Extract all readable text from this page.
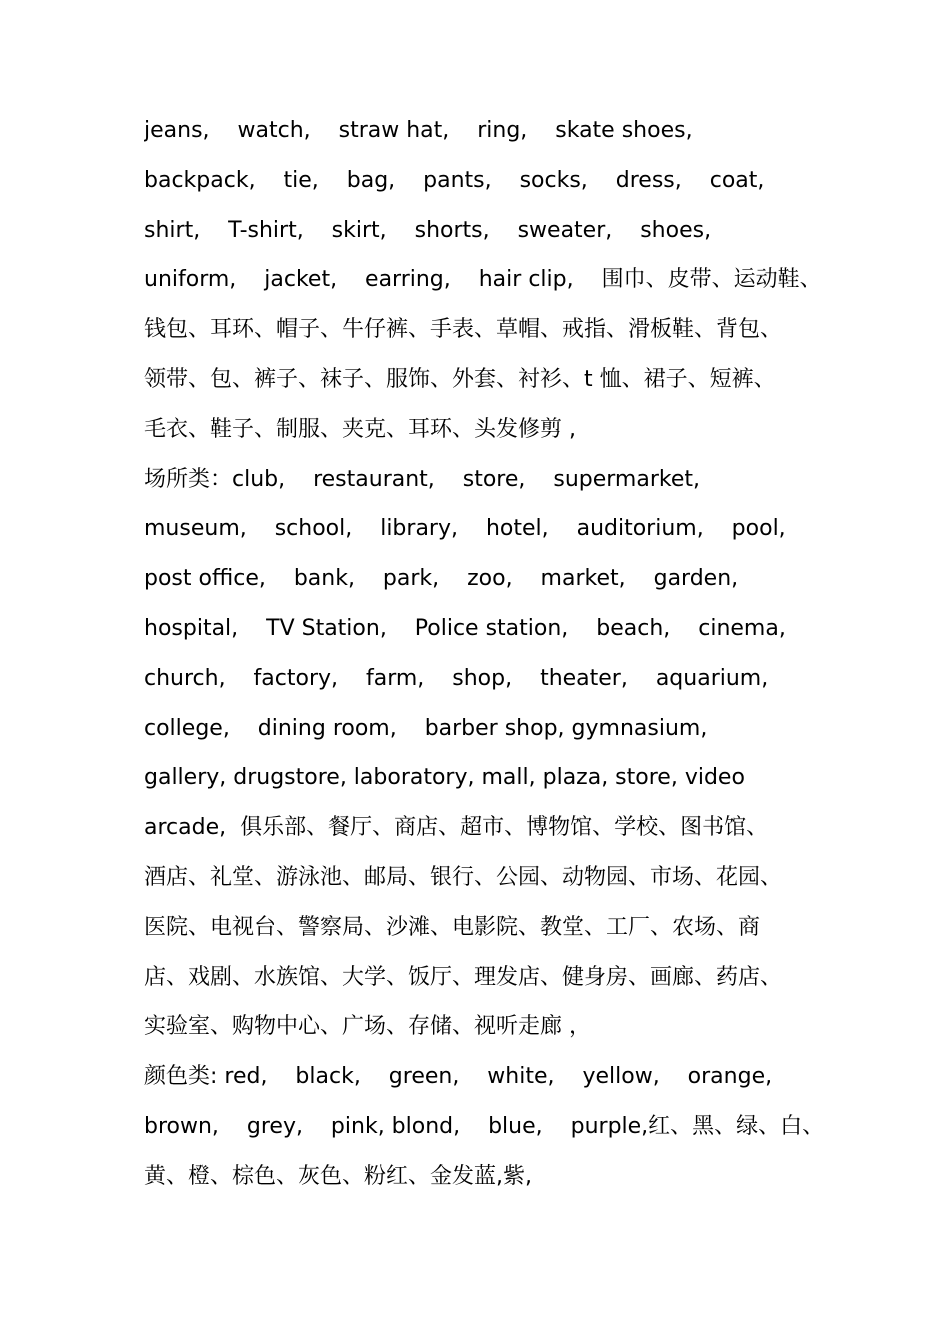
jeans,    watch,    straw hat,    ring,    skate shoes,
backpack,    tie,    bag,    pants,    socks,    dress,    coat,
shirt,    T-shirt,    skirt,    shorts,    sweater,    shoes,
uniform,    jacket,    earring,    hair clip,    围巾、皮带、运动鞋、
钱包、耳环、帽子、牛仔裤、手表、草帽、戒指、滑板鞋、背包、
领带、包、裤子、袜子、服饰、外套、衬衫、t 恤、裙子、短裤、
毛衣、鞋子、制服、夹克、耳环、头发修剪 ,
场所类：club,    restaurant,    store,    supermarket,
museum,    school,    library,    hotel,    auditorium,    pool,
post office,    bank,    park,    zoo,    market,    garden,
hospital,    TV Station,    Police station,    beach,    cinema,
church,    factory,    farm,    shop,    theater,    aquarium,
college,    dining room,    barber shop, gymnasium,
gallery, drugstore, laboratory, mall, plaza, store, video
arcade,  俱乐部、餐厅、商店、超市、博物馆、学校、图书馆、
酒店、礼堂、游泳池、邮局、银行、公园、动物园、市场、花园、
医院、电视台、警察局、沙滩、电影院、教堂、工厂、农场、商
店、戏剧、水族馆、大学、饭厅、理发店、健身房、画廊、药店、
实验室、购物中心、广场、存储、视听走廊 ，
颜色类: red,    black,    green,    white,    yellow,    orange,
brown,    grey,    pink, blond,    blue,    purple,红、黑、绿、白、
黄、橙、棕色、灰色、粉红、金发蓝,紫,
